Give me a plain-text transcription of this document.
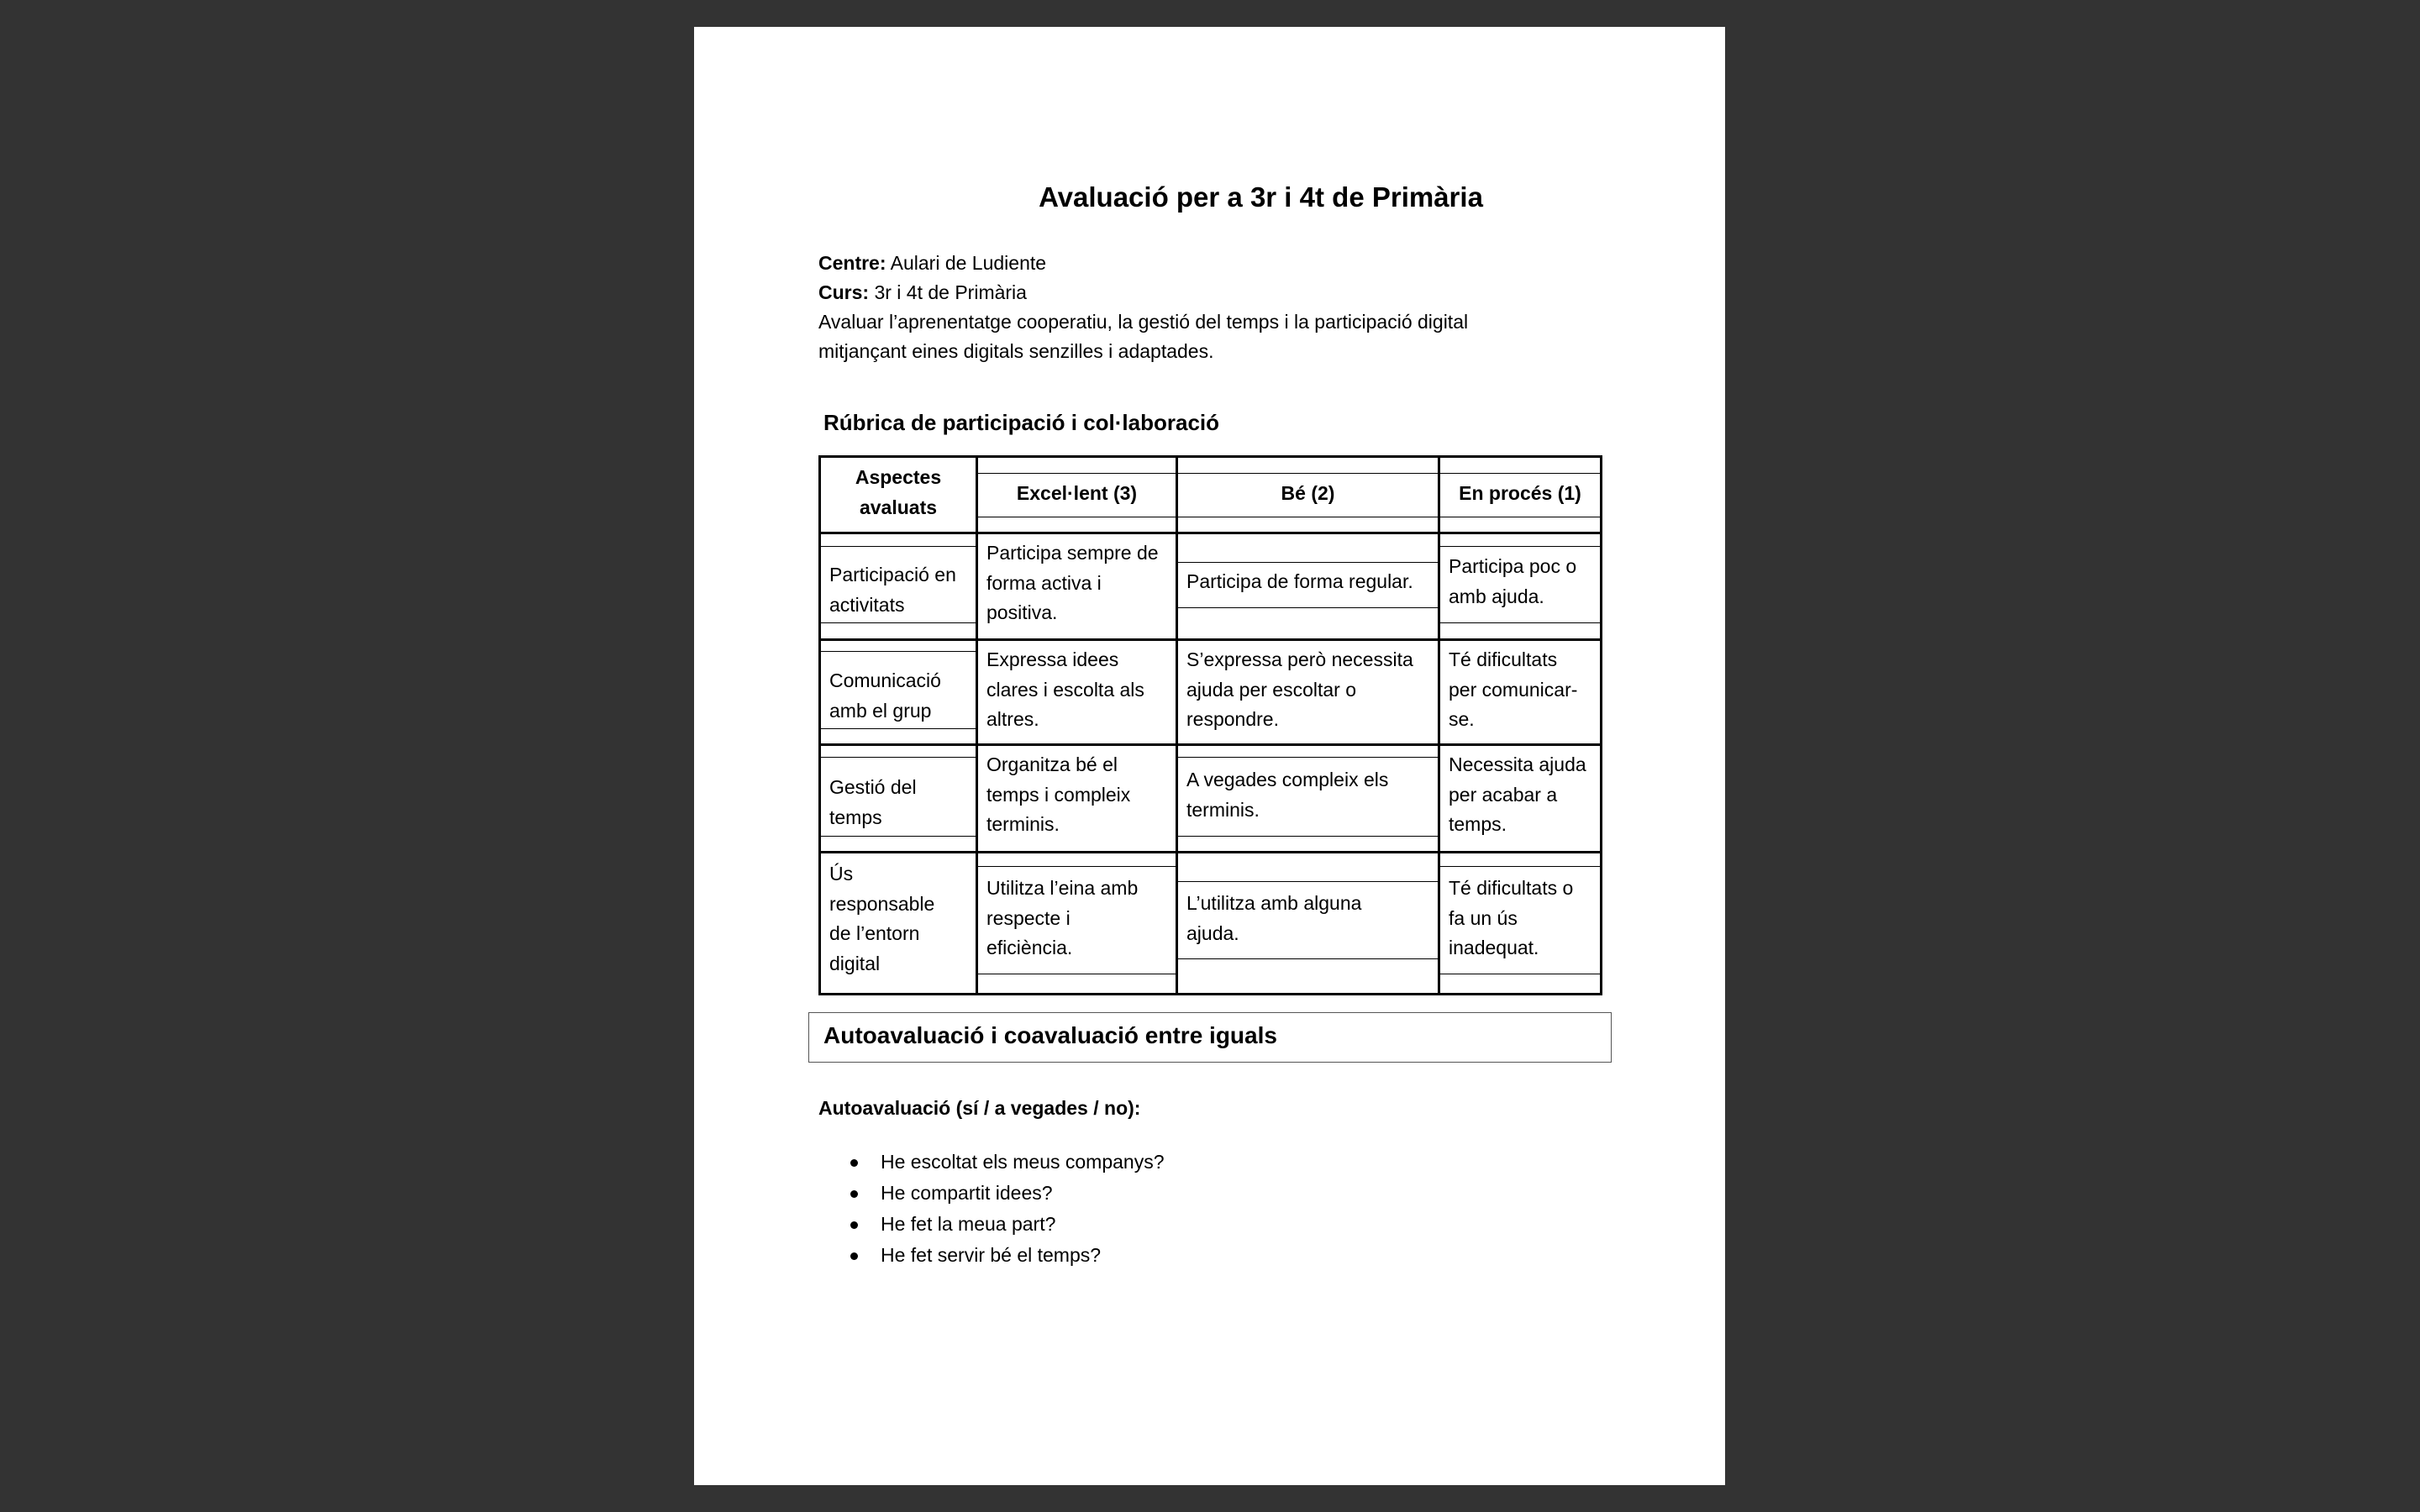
Avaluació per a 3r i 4t de Primària
Centre: Aulari de Ludiente
Curs: 3r i 4t de Primària
Avaluar l’aprenentatge cooperatiu, la gestió del temps i la participació digital
mitjançant eines digitals senzilles i adaptades.
Rúbrica de participació i col·laboració
Aspectes
avaluats
Participació en
activitats
Comunicació
amb el grup
Gestió del
temps
Ús
responsable
de l’entorn
digital
Excel·lent (3)
Participa sempre de
forma activa i
positiva.
Expressa idees
clares i escolta als
altres.
Organitza bé el
temps i compleix
terminis.
Utilitza l’eina amb
respecte i
eficiència.
Bé (2)
Participa de forma regular.
S’expressa però necessita
ajuda per escoltar o
respondre.
A vegades compleix els
terminis.
L’utilitza amb alguna
ajuda.
En procés (1)
Participa poc o
amb ajuda.
Té dificultats
per comunicar-
se.
Necessita ajuda
per acabar a
temps.
Té dificultats o
fa un ús
inadequat.
Autoavaluació i coavaluació entre iguals
Autoavaluació (sí / a vegades / no):
He escoltat els meus companys?
He compartit idees?
He fet la meua part?
He fet servir bé el temps?
